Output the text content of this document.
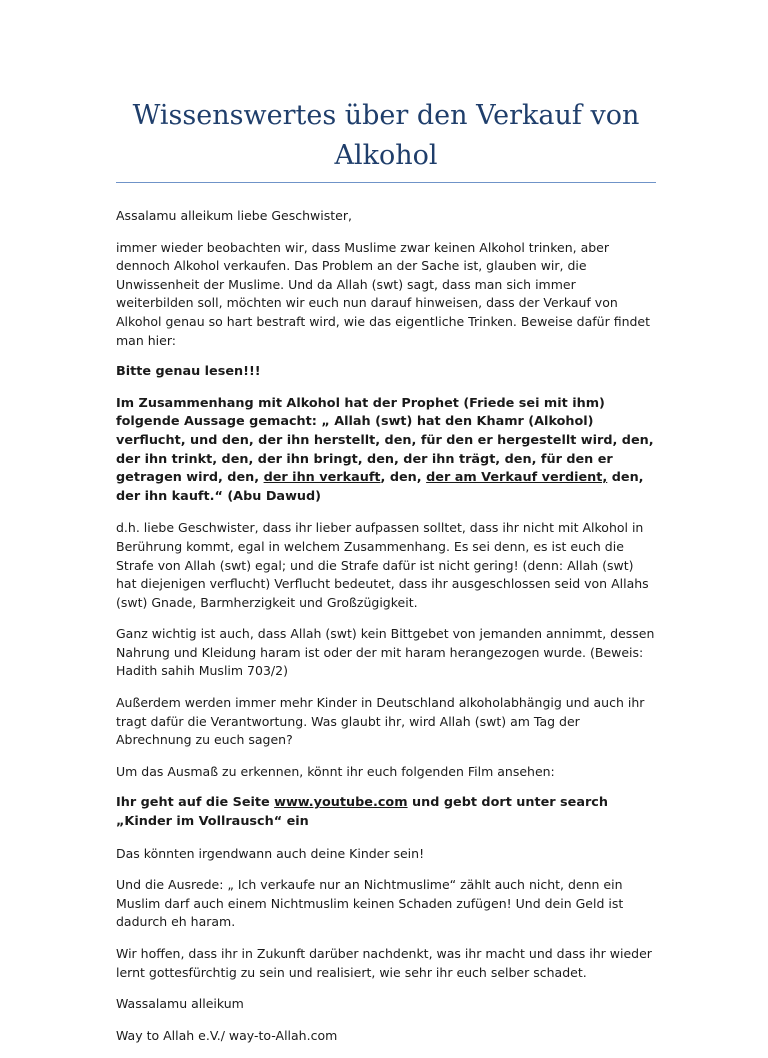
Wissenswertes über den Verkauf von Alkohol

Assalamu alleikum liebe Geschwister,

immer wieder beobachten wir, dass Muslime zwar keinen Alkohol trinken, aber dennoch Alkohol verkaufen. Das Problem an der Sache ist, glauben wir, die Unwissenheit der Muslime. Und da Allah (swt) sagt, dass man sich immer weiterbilden soll, möchten wir euch nun darauf hinweisen, dass der Verkauf von Alkohol genau so hart bestraft wird, wie das eigentliche Trinken. Beweise dafür findet man hier:

Bitte genau lesen!!!

Im Zusammenhang mit Alkohol hat der Prophet (Friede sei mit ihm) folgende Aussage gemacht: „ Allah (swt) hat den Khamr (Alkohol) verflucht, und den, der ihn herstellt, den, für den er hergestellt wird, den, der ihn trinkt, den, der ihn bringt, den, der ihn trägt, den, für den er getragen wird, den, der ihn verkauft, den, der am Verkauf verdient, den, der ihn kauft.“ (Abu Dawud)

d.h. liebe Geschwister, dass ihr lieber aufpassen solltet, dass ihr nicht mit Alkohol in Berührung kommt, egal in welchem Zusammenhang. Es sei denn, es ist euch die Strafe von Allah (swt) egal; und die Strafe dafür ist nicht gering! (denn: Allah (swt) hat diejenigen verflucht) Verflucht bedeutet, dass ihr ausgeschlossen seid von Allahs (swt) Gnade, Barmherzigkeit und Großzügigkeit.

Ganz wichtig ist auch, dass Allah (swt) kein Bittgebet von jemanden annimmt, dessen Nahrung und Kleidung haram ist oder der mit haram herangezogen wurde. (Beweis: Hadith sahih Muslim 703/2)

Außerdem werden immer mehr Kinder in Deutschland alkoholabhängig und auch ihr tragt dafür die Verantwortung. Was glaubt ihr, wird Allah (swt) am Tag der Abrechnung zu euch sagen?

Um das Ausmaß zu erkennen, könnt ihr euch folgenden Film ansehen:

Ihr geht auf die Seite www.youtube.com und gebt dort unter search „Kinder im Vollrausch“ ein

Das könnten irgendwann auch deine Kinder sein!

Und die Ausrede: „ Ich verkaufe nur an Nichtmuslime“ zählt auch nicht, denn ein Muslim darf auch einem Nichtmuslim keinen Schaden zufügen! Und dein Geld ist dadurch eh haram.

Wir hoffen, dass ihr in Zukunft darüber nachdenkt, was ihr macht und dass ihr wieder lernt gottesfürchtig zu sein und realisiert, wie sehr ihr euch selber schadet.

Wassalamu alleikum

Way to Allah e.V./ way-to-Allah.com
